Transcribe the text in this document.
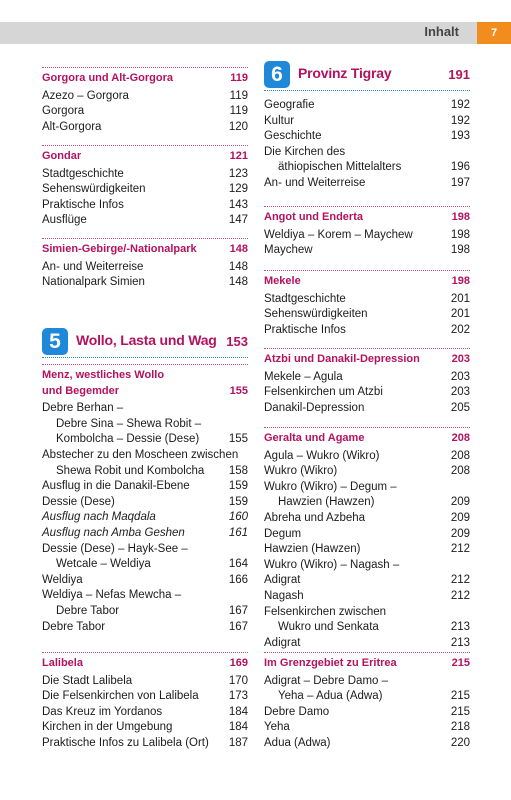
Inhalt	7
Gorgora und Alt-Gorgora	119
Azezo – Gorgora	119
Gorgora	119
Alt-Gorgora	120
Gondar	121
Stadtgeschichte	123
Sehenswürdigkeiten	129
Praktische Infos	143
Ausflüge	147
Simien-Gebirge/-Nationalpark	148
An- und Weiterreise	148
Nationalpark Simien	148
5	Wollo, Lasta und Wag 153
Menz, westliches Wollo
und Begemder	155
Debre Berhan –
Debre Sina – Shewa Robit –
Kombolcha – Dessie (Dese)	155
Abstecher zu den Moscheen zwischen
Shewa Robit und Kombolcha	158
Ausflug in die Danakil-Ebene	159
Dessie (Dese)	159
Ausflug nach Maqdala	160
Ausflug nach Amba Geshen	161
Dessie (Dese) – Hayk-See –
Wetcale – Weldiya	164
Weldiya	166
Weldiya – Nefas Mewcha –
Debre Tabor	167
Debre Tabor	167
Lalibela	169
Die Stadt Lalibela	170
Die Felsenkirchen von Lalibela	173
Das Kreuz im Yordanos	184
Kirchen in der Umgebung	184
Praktische Infos zu Lalibela (Ort)	187
6	Provinz Tigray	191
Geografie	192
Kultur	192
Geschichte	193
Die Kirchen des
äthiopischen Mittelalters	196
An- und Weiterreise	197
Angot und Enderta	198
Weldiya – Korem – Maychew	198
Maychew	198
Mekele	198
Stadtgeschichte	201
Sehenswürdigkeiten	201
Praktische Infos	202
Atzbi und Danakil-Depression	203
Mekele – Agula	203
Felsenkirchen um Atzbi	203
Danakil-Depression	205
Geralta und Agame	208
Agula – Wukro (Wikro)	208
Wukro (Wikro)	208
Wukro (Wikro) – Degum –
Hawzien (Hawzen)	209
Abreha und Azbeha	209
Degum	209
Hawzien (Hawzen)	212
Wukro (Wikro) – Nagash – Adigrat	212
Nagash	212
Felsenkirchen zwischen
Wukro und Senkata	213
Adigrat	213
Im Grenzgebiet zu Eritrea	215
Adigrat – Debre Damo –
Yeha – Adua (Adwa)	215
Debre Damo	215
Yeha	218
Adua (Adwa)	220
